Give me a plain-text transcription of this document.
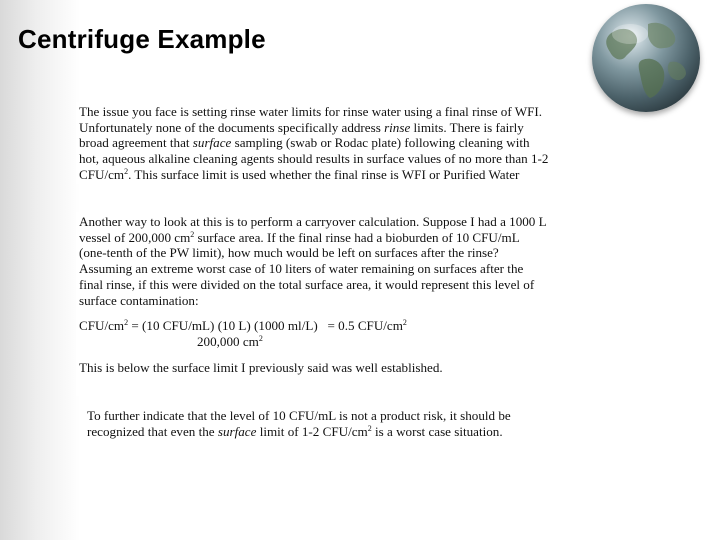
Centrifuge Example
The issue you face is setting rinse water limits for rinse water using a final rinse of WFI.
Unfortunately none of the documents specifically address rinse limits. There is fairly
broad agreement that surface sampling (swab or Rodac plate) following cleaning with
hot, aqueous alkaline cleaning agents should results in surface values of no more than 1-2
CFU/$cm^2$. This surface limit is used whether the final rinse is WFI or Purified Water
Another way to look at this is to perform a carryover calculation. Suppose I had a 1000 L
vessel of 200,000 $cm^2$ surface area. If the final rinse had a bioburden of 10 CFU/mL
(one-tenth of the PW limit), how much would be left on surfaces after the rinse?
Assuming an extreme worst case of 10 liters of water remaining on surfaces after the
final rinse, if this were divided on the total surface area, it would represent this level of
surface contamination:
CFU/$cm^2 = (10$ CFU/mL) (10 L) (1000 ml/L)   = 0.5 CFU/$cm^2$
200,000 $cm^2$
This is below the surface limit I previously said was well established.
To further indicate that the level of 10 CFU/mL is not a product risk, it should be
recognized that even the surface limit of 1-2 CFU/$cm^2$ is a worst case situation.
